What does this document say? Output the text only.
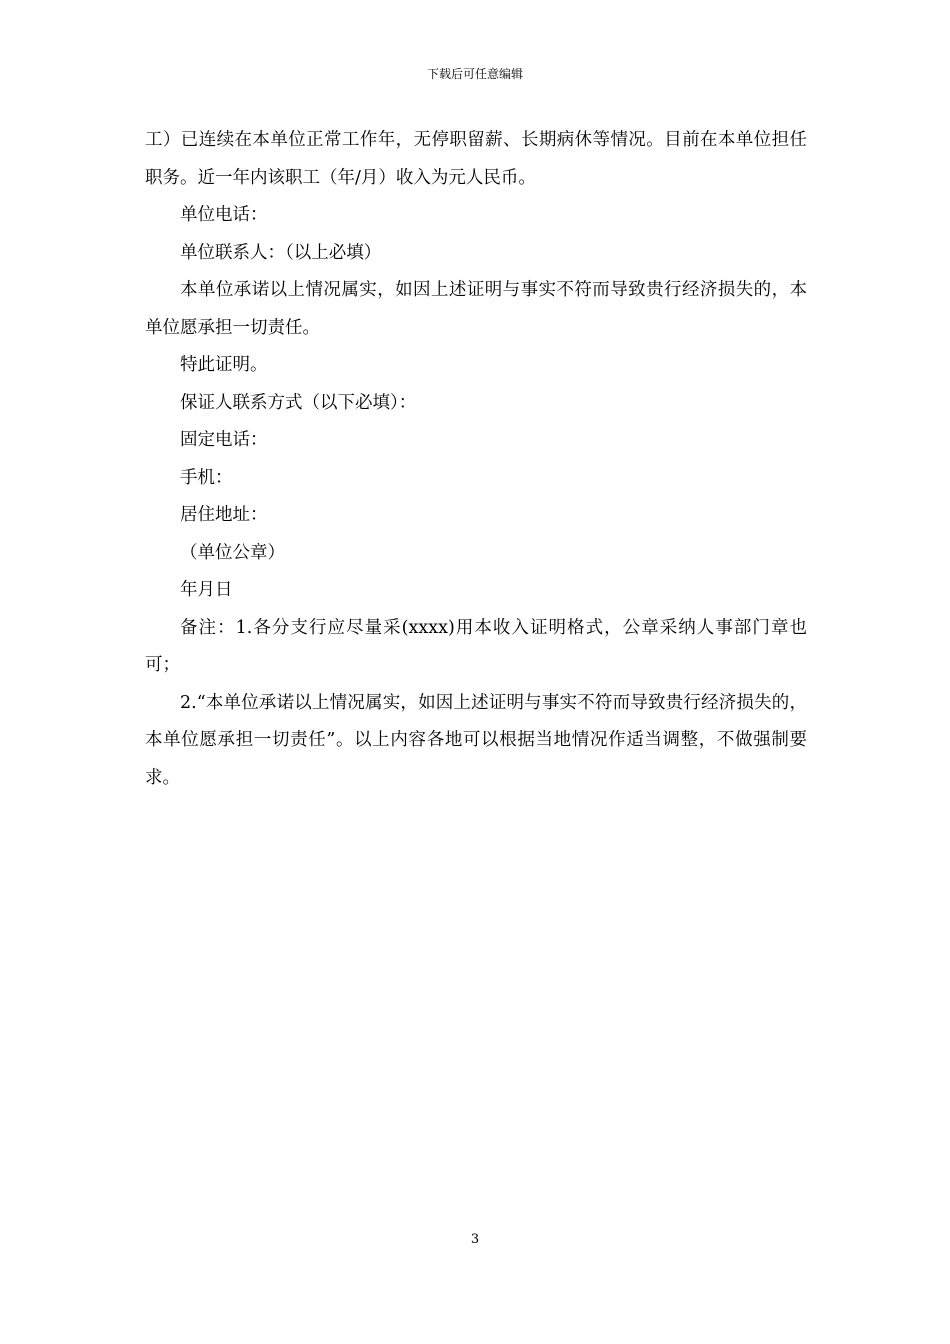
下载后可任意编辑

工）已连续在本单位正常工作年，无停职留薪、长期病休等情况。目前在本单位担任职务。近一年内该职工（年/月）收入为元人民币。

单位电话：

单位联系人：（以上必填）

本单位承诺以上情况属实，如因上述证明与事实不符而导致贵行经济损失的，本单位愿承担一切责任。

特此证明。

保证人联系方式（以下必填）：

固定电话：

手机：

居住地址：

（单位公章）

年月日

备注：1.各分支行应尽量采(xxxx)用本收入证明格式，公章采纳人事部门章也可；

2.“本单位承诺以上情况属实，如因上述证明与事实不符而导致贵行经济损失的，本单位愿承担一切责任”。以上内容各地可以根据当地情况作适当调整，不做强制要求。

3
